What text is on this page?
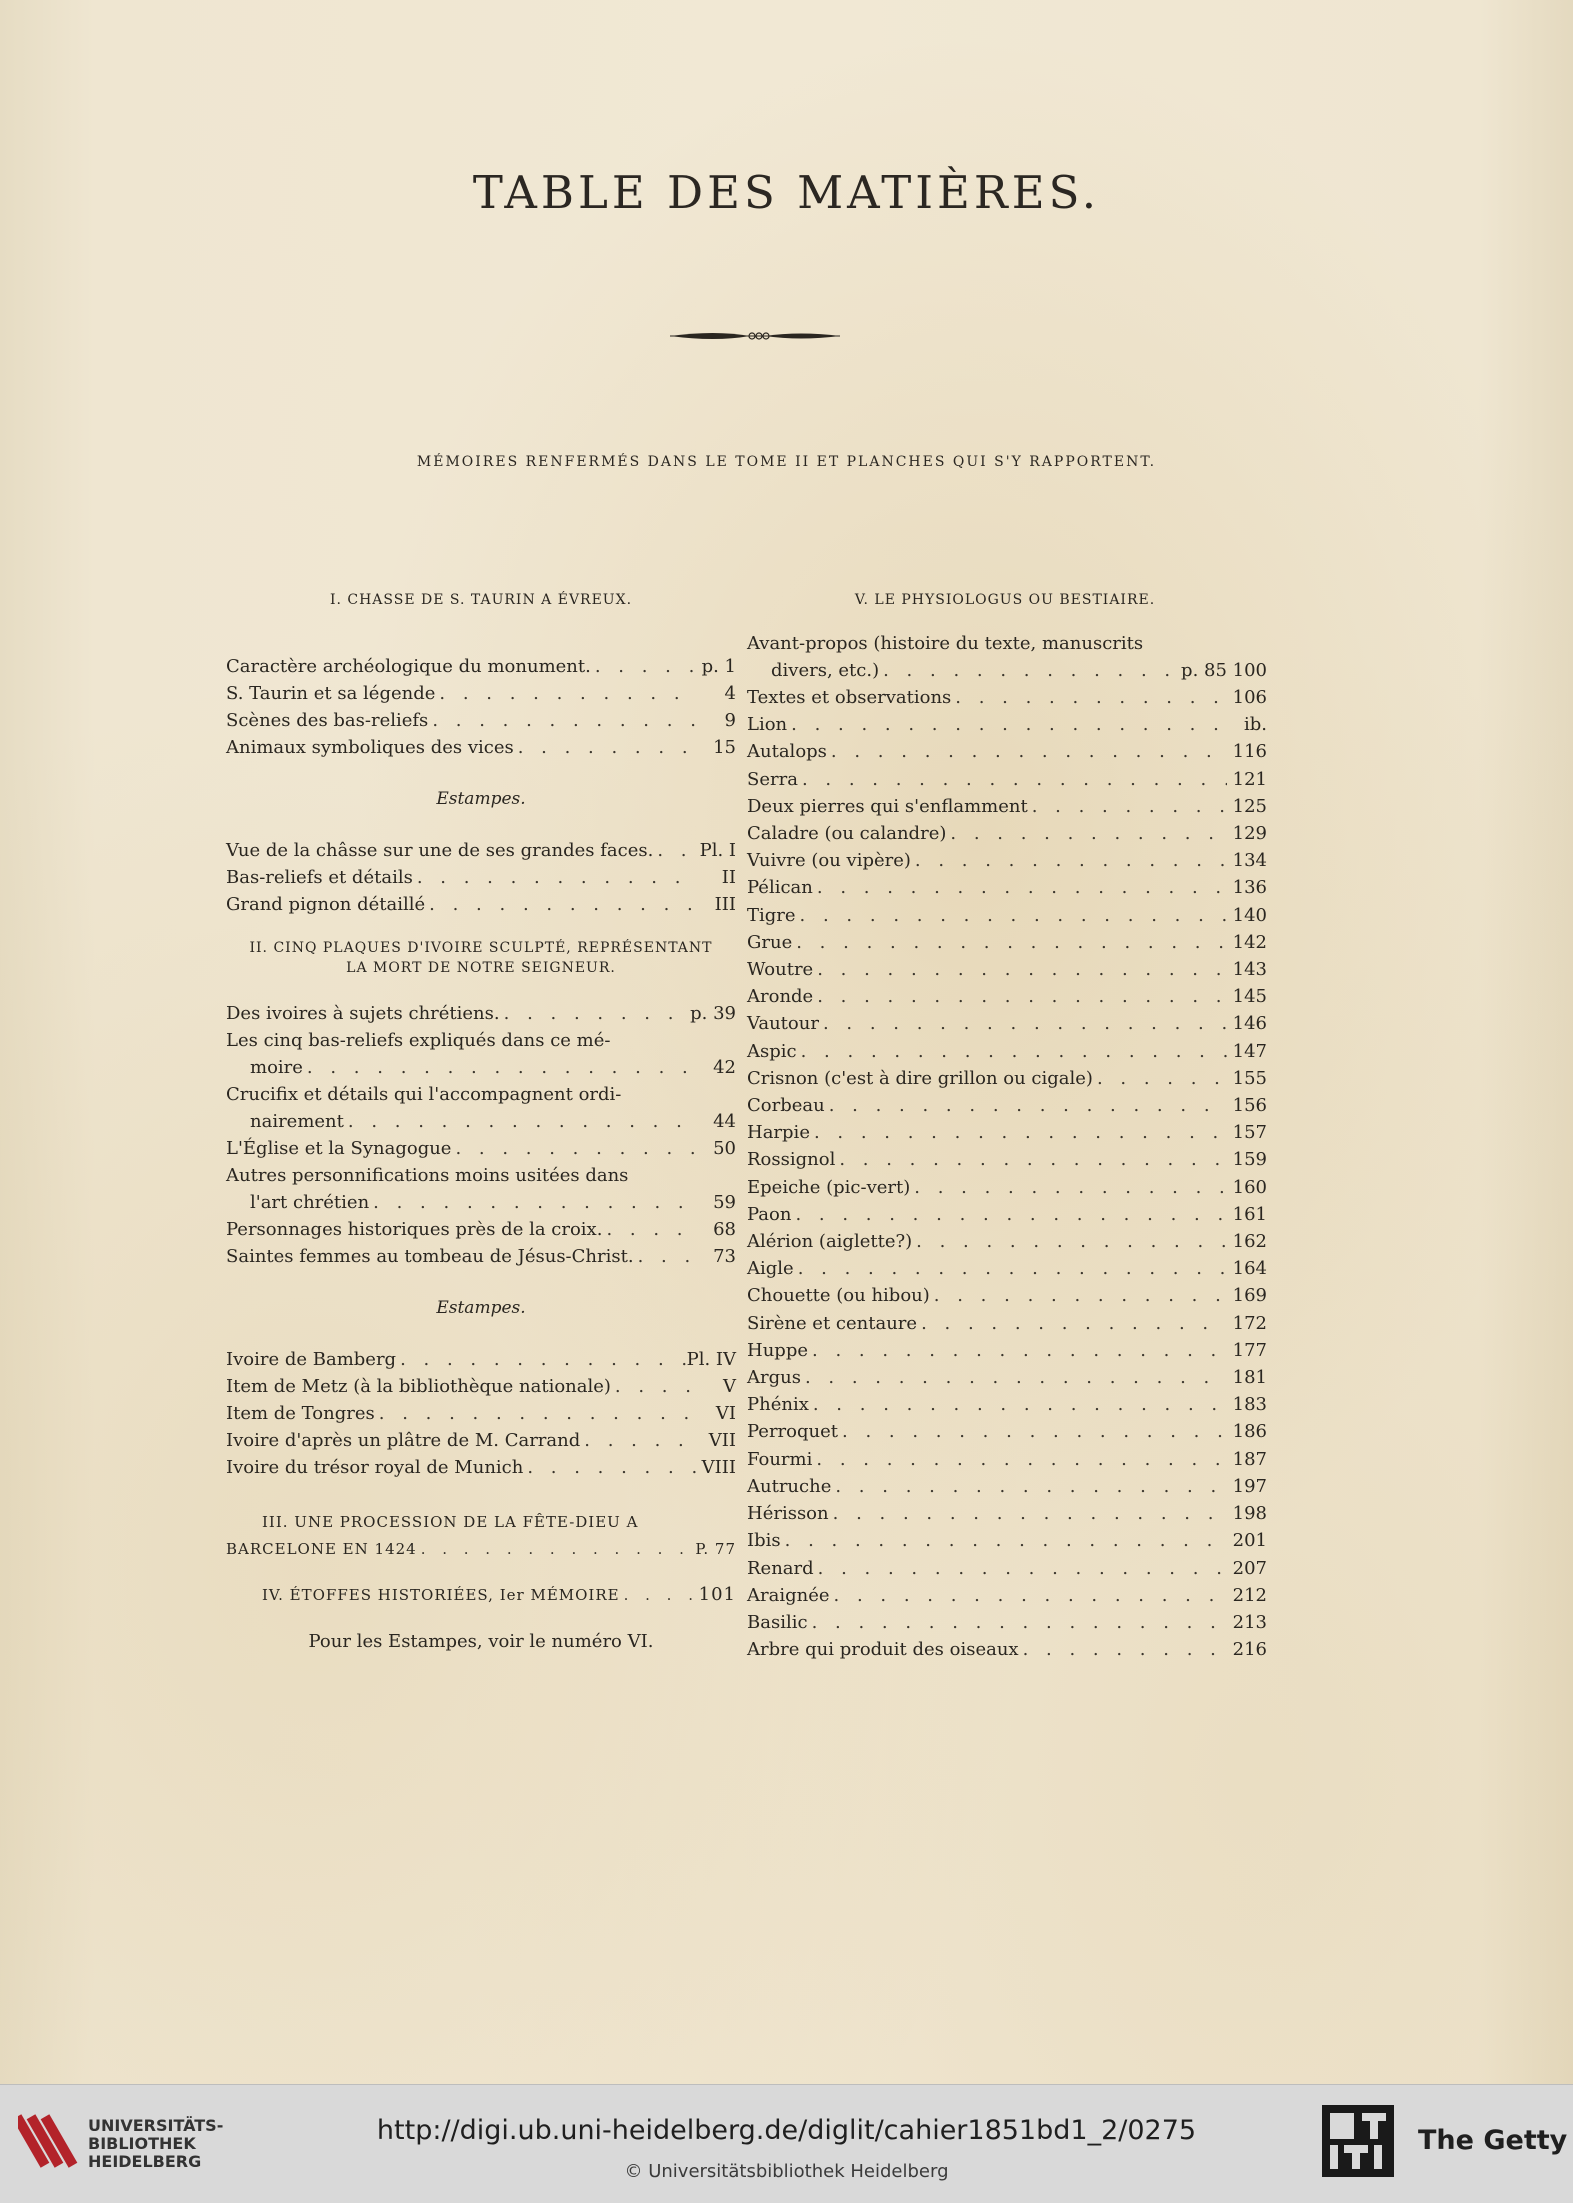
TABLE DES MATIÈRES.
MÉMOIRES RENFERMÉS DANS LE TOME II ET PLANCHES QUI S'Y RAPPORTENT.
I. CHASSE DE S. TAURIN A ÉVREUX.
Caractère archéologique du monument. . . .	p. 1
S. Taurin et sa légende . . .	4
Scènes des bas-reliefs . . .	9
Animaux symboliques des vices . . .	15
Estampes.
Vue de la châsse sur une de ses grandes faces. . . .	Pl. I
Bas-reliefs et détails . . .	II
Grand pignon détaillé . . .	III
II. CINQ PLAQUES D'IVOIRE SCULPTÉ, REPRÉSENTANT
LA MORT DE NOTRE SEIGNEUR.
Des ivoires à sujets chrétiens. . . .	p. 39
Les cinq bas-reliefs expliqués dans ce mé-
moire . . .	42
Crucifix et détails qui l'accompagnent ordi-
nairement . . .	44
L'Église et la Synagogue . . .	50
Autres personnifications moins usitées dans
l'art chrétien . . .	59
Personnages historiques près de la croix. . . .	68
Saintes femmes au tombeau de Jésus-Christ. . . .	73
Estampes.
Ivoire de Bamberg . . .	Pl. IV
Item de Metz (à la bibliothèque nationale) . . .	V
Item de Tongres . . .	VI
Ivoire d'après un plâtre de M. Carrand . . .	VII
Ivoire du trésor royal de Munich . . .	VIII
III. UNE PROCESSION DE LA FÊTE-DIEU A
BARCELONE EN 1424 . . .	P. 77
IV. ÉTOFFES HISTORIÉES, Ier MÉMOIRE . . .	101
Pour les Estampes, voir le numéro VI.
V. LE PHYSIOLOGUS OU BESTIAIRE.
Avant-propos (histoire du texte, manuscrits
divers, etc.) . . .	p. 85 100
Textes et observations . . .	106
Lion . . .	ib.
Autalops . . .	116
Serra . . .	121
Deux pierres qui s'enflamment . . .	125
Caladre (ou calandre) . . .	129
Vuivre (ou vipère) . . .	134
Pélican . . .	136
Tigre . . .	140
Grue . . .	142
Woutre . . .	143
Aronde . . .	145
Vautour . . .	146
Aspic . . .	147
Crisnon (c'est à dire grillon ou cigale) . . .	155
Corbeau . . .	156
Harpie . . .	157
Rossignol . . .	159
Epeiche (pic-vert) . . .	160
Paon . . .	161
Alérion (aiglette?) . . .	162
Aigle . . .	164
Chouette (ou hibou) . . .	169
Sirène et centaure . . .	172
Huppe . . .	177
Argus . . .	181
Phénix . . .	183
Perroquet . . .	186
Fourmi . . .	187
Autruche . . .	197
Hérisson . . .	198
Ibis . . .	201
Renard . . .	207
Araignée . . .	212
Basilic . . .	213
Arbre qui produit des oiseaux . . .	216
UNIVERSITÄTS-
BIBLIOTHEK
HEIDELBERG
http://digi.ub.uni-heidelberg.de/diglit/cahier1851bd1_2/0275
© Universitätsbibliothek Heidelberg
The Getty
